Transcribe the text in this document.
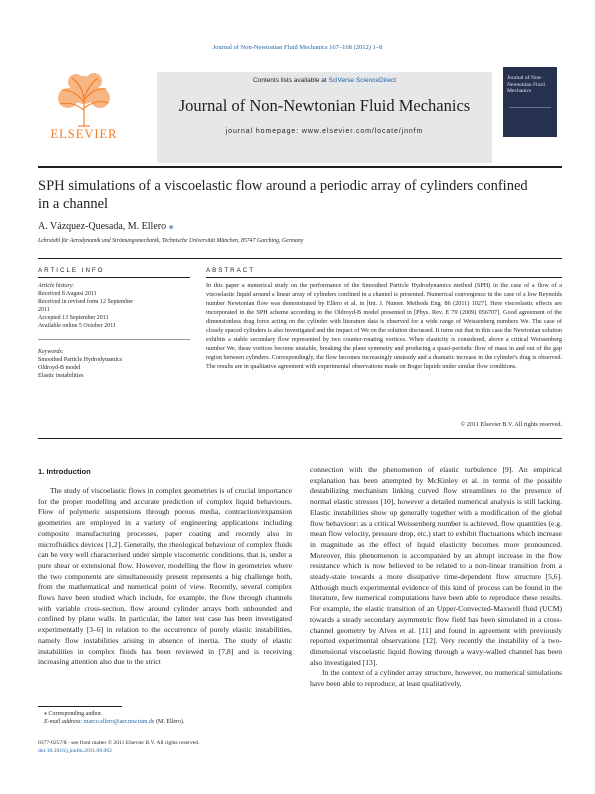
Journal of Non-Newtonian Fluid Mechanics 167–168 (2012) 1–8
ELSEVIER
Contents lists available at SciVerse ScienceDirect
Journal of Non-Newtonian Fluid Mechanics
journal homepage: www.elsevier.com/locate/jnnfm
Journal of Non-Newtonian Fluid Mechanics
SPH simulations of a viscoelastic flow around a periodic array of cylinders confined in a channel
A. Vázquez-Quesada, M. Ellero ⁎
Lehrstuhl für Aerodynamik und Strömungsmechanik, Technische Universität München, 85747 Garching, Germany
ARTICLE INFO
Article history:
Received 8 August 2011
Received in revised form 12 September
2011
Accepted 13 September 2011
Available online 5 October 2011
Keywords:
Smoothed Particle Hydrodynamics
Oldroyd-B model
Elastic instabilities
ABSTRACT
In this paper a numerical study on the performance of the Smoothed Particle Hydrodynamics method (SPH) in the case of a flow of a viscoelastic liquid around a linear array of cylinders confined in a channel is presented. Numerical convergence in the case of a low Reynolds number Newtonian flow was demonstrated by Ellero et al. in [Int. J. Numer. Methods Eng. 86 (2011) 1027]. Here viscoelastic effects are incorporated in the SPH scheme according to the Oldroyd-B model presented in [Phys. Rev. E 79 (2009) 056707]. Good agreement of the dimensionless drag force acting on the cylinder with literature data is observed for a wide range of Weissenberg numbers We. The case of closely spaced cylinders is also investigated and the impact of We on the solution discussed. It turns out that in this case the Newtonian solution exhibits a stable secondary flow represented by two counter-rotating vortices. When elasticity is considered, above a critical Weissenberg number We, these vortices become unstable, breaking the plane symmetry and producing a quasi-periodic flow of mass in and out of the gap region between cylinders. Correspondingly, the flow becomes increasingly unsteady and a dramatic increase in the cylinder's drag is observed. The results are in qualitative agreement with experimental observations made on Boger liquids under similar flow conditions.
© 2011 Elsevier B.V. All rights reserved.
1. Introduction

The study of viscoelastic flows in complex geometries is of crucial importance for the proper modelling and accurate prediction of complex liquid behaviours. Flow of polymeric suspensions through porous media, contraction/expansion geometries are employed in a variety of engineering applications including composite manufacturing processes, paper coating and recently also in microfluidics devices [1,2]. Generally, the rheological behaviour of complex fluids can be very well characterised under simple viscometric conditions, that is, under a pure shear or extensional flow. However, modelling the flow in geometries where the two components are simultaneously present represents a big challenge both, from the mathematical and numerical point of view. Recently, several complex flows have been studied which include, for example, the flow through channels with variable cross-section, flow around cylinder arrays both unbounded and confined by plane walls. In particular, the latter test case has been investigated experimentally [3–6] in relation to the occurrence of purely elastic instabilities, namely flow instabilities arising in absence of inertia. The study of elastic instabilities in complex fluids has been reviewed in [7,8] and is receiving increasing attention also due to the strict

connection with the phenomenon of elastic turbulence [9]. An empirical explanation has been attempted by McKinley et al. in terms of the possible destabilizing mechanism linking curved flow streamlines to the presence of normal elastic stresses [10], however a detailed numerical analysis is still lacking. Elastic instabilities show up generally together with a modification of the global flow behaviour: as a critical Weissenberg number is achieved, flow quantities (e.g. mean flow velocity, pressure drop, etc.) start to exhibit fluctuations which increase in magnitude as the effect of liquid elasticity becomes more pronounced. Moreover, this phenomenon is accompanied by an abrupt increase in the flow resistance which is now believed to be related to a non-linear transition from a steady-state towards a more dissipative time-dependent flow structure [5,6]. Although much experimental evidence of this kind of process can be found in the literature, few numerical computations have been able to reproduce these results. For example, the elastic transition of an Upper-Convected-Maxwell fluid (UCM) towards a steady secondary asymmetric flow field has been simulated in a cross-channel geometry by Alves et al. [11] and found in agreement with previously reported experimental observations [12]. Very recently the instability of a two-dimensional viscoelastic liquid flowing through a wavy-walled channel has been also investigated [13].

In the context of a cylinder array structure, however, no numerical simulations have been able to reproduce, at least qualitatively,

⁎ Corresponding author.
E-mail address: marco.ellero@aer.mw.tum.de (M. Ellero).
0377-0257/$ - see front matter © 2011 Elsevier B.V. All rights reserved.
doi:10.1016/j.jnnfm.2011.09.002
